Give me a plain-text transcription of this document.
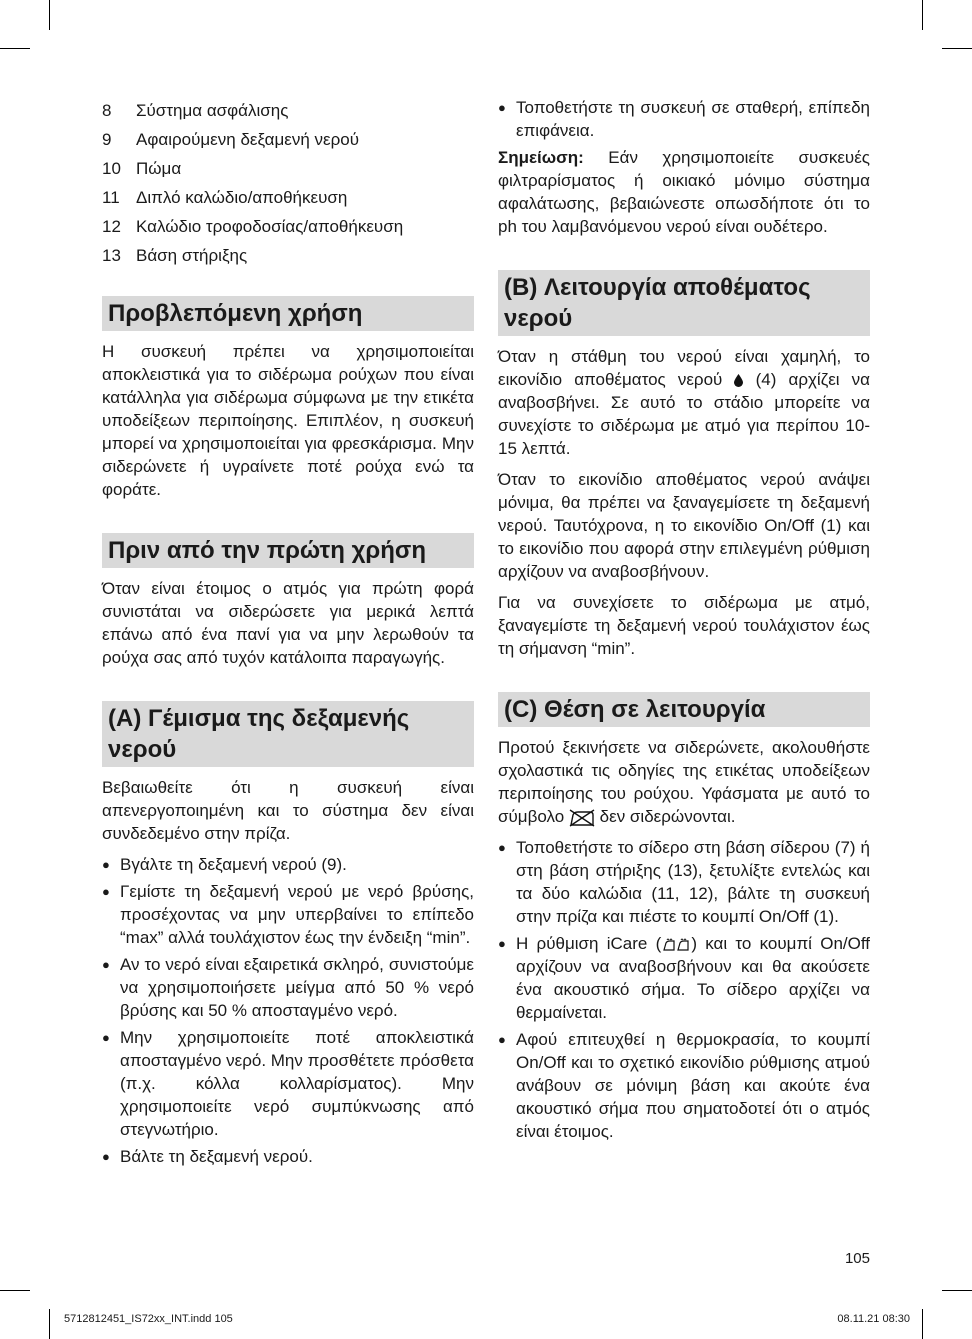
8	Σύστημα ασφάλισης
9	Αφαιρούμενη δεξαμενή νερού
10 Πώμα
11 Διπλό καλώδιο/αποθήκευση
12 Καλώδιο τροφοδοσίας/αποθήκευση
13 Βάση στήριξης
Προβλεπόμενη χρήση
Η συσκευή πρέπει να χρησιμοποιείται αποκλειστικά για το σιδέρωμα ρούχων που είναι κατάλληλα για σιδέρωμα σύμφωνα με την ετικέτα υποδείξεων περιποίησης. Επιπλέον, η συσκευή μπορεί να χρησιμοποιείται για φρεσκάρισμα. Μην σιδερώνετε ή υγραίνετε ποτέ ρούχα ενώ τα φοράτε.
Πριν από την πρώτη χρήση
Όταν είναι έτοιμος ο ατμός για πρώτη φορά συνιστάται να σιδερώσετε για μερικά λεπτά επάνω από ένα πανί για να μην λερωθούν τα ρούχα σας από τυχόν κατάλοιπα παραγωγής.
(A) Γέμισμα της δεξαμενής νερού
Βεβαιωθείτε ότι η συσκευή είναι απενεργοποιημένη και το σύστημα δεν είναι συνδεδεμένο στην πρίζα.
● Βγάλτε τη δεξαμενή νερού (9).
● Γεμίστε τη δεξαμενή νερού με νερό βρύσης, προσέχοντας να μην υπερβαίνει το επίπεδο “max” αλλά τουλάχιστον έως την ένδειξη “min”.
● Αν το νερό είναι εξαιρετικά σκληρό, συνιστούμε να χρησιμοποιήσετε μείγμα από 50 % νερό βρύσης και 50 % αποσταγμένο νερό.
● Μην χρησιμοποιείτε ποτέ αποκλειστικά αποσταγμένο νερό. Μην προσθέτετε πρόσθετα (π.χ. κόλλα κολλαρίσματος). Μην χρησιμοποιείτε νερό συμπύκνωσης από στεγνωτήριο.
● Βάλτε τη δεξαμενή νερού.
● Τοποθετήστε τη συσκευή σε σταθερή, επίπεδη επιφάνεια.
Σημείωση: Εάν χρησιμοποιείτε συσκευές φιλτραρίσματος ή οικιακό μόνιμο σύστημα αφαλάτωσης, βεβαιώνεστε οπωσδήποτε ότι το ph του λαμβανόμενου νερού είναι ουδέτερο.
(B) Λειτουργία αποθέματος νερού
Όταν η στάθμη του νερού είναι χαμηλή, το εικονίδιο αποθέματος νερού (4) αρχίζει να αναβοσβήνει. Σε αυτό το στάδιο μπορείτε να συνεχίστε το σιδέρωμα με ατμό για περίπου 10-15 λεπτά.
Όταν το εικονίδιο αποθέματος νερού ανάψει μόνιμα, θα πρέπει να ξαναγεμίσετε τη δεξαμενή νερού. Ταυτόχρονα, η το εικονίδιο On/Off (1) και το εικονίδιο που αφορά στην επιλεγμένη ρύθμιση αρχίζουν να αναβοσβήνουν.
Για να συνεχίσετε το σιδέρωμα με ατμό, ξαναγεμίστε τη δεξαμενή νερού τουλάχιστον έως τη σήμανση “min”.
(C) Θέση σε λειτουργία
Προτού ξεκινήσετε να σιδερώνετε, ακολουθήστε σχολαστικά τις οδηγίες της ετικέτας υποδείξεων περιποίησης του ρούχου. Υφάσματα με αυτό το σύμβολο δεν σιδερώνονται.
● Τοποθετήστε το σίδερο στη βάση σίδερου (7) ή στη βάση στήριξης (13), ξετυλίξτε εντελώς και τα δύο καλώδια (11, 12), βάλτε τη συσκευή στην πρίζα και πιέστε το κουμπί On/Off (1).
● Η ρύθμιση iCare ( ) και το κουμπί On/Off αρχίζουν να αναβοσβήνουν και θα ακούσετε ένα ακουστικό σήμα. Το σίδερο αρχίζει να θερμαίνεται.
● Αφού επιτευχθεί η θερμοκρασία, το κουμπί On/Off και το σχετικό εικονίδιο ρύθμισης ατμού ανάβουν σε μόνιμη βάση και ακούτε ένα ακουστικό σήμα που σηματοδοτεί ότι ο ατμός είναι έτοιμος.
105
5712812451_IS72xx_INT.indd 105	08.11.21 08:30
